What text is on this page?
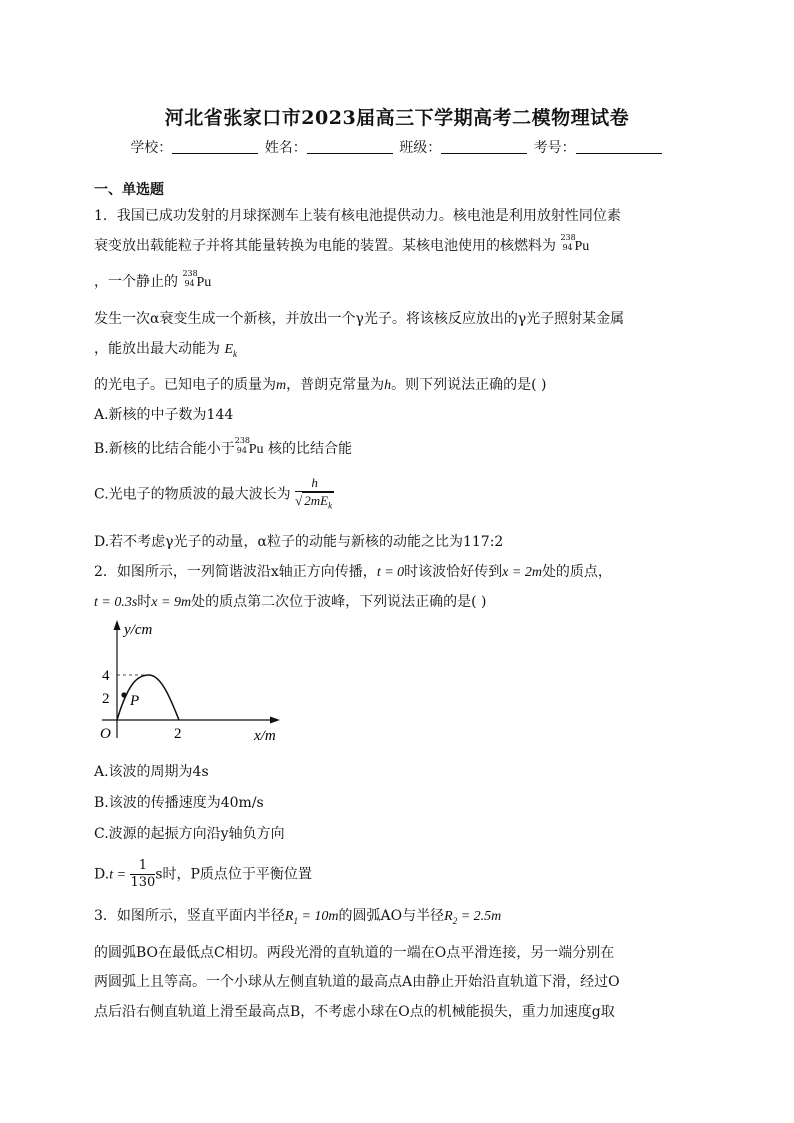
河北省张家口市2023届高三下学期高考二模物理试卷
学校：	姓名：	班级：	考号：
一、单选题
1．我国已成功发射的月球探测车上装有核电池提供动力。核电池是利用放射性同位素
衰变放出载能粒子并将其能量转换为电能的装置。某核电池使用的核燃料为
238
94 Pu
，一个静止的
238
94 Pu
发生一次α衰变生成一个新核，并放出一个γ光子。将该核反应放出的γ光子照射某金属
，能放出最大动能为 $E_k$
的光电子。已知电子的质量为m，普朗克常量为h。则下列说法正确的是( )
A.新核的中子数为144
B.新核的比结合能小于
238
94 Pu 核的比结合能
C.光电子的物质波的最大波长为 $\frac{h}{√ 2mE_k}$
D.若不考虑γ光子的动量，α粒子的动能与新核的动能之比为117:2
2．如图所示，一列简谐波沿x轴正方向传播，t = 0时该波恰好传到x = 2m处的质点，
t = 0.3s时x = 9m处的质点第二次位于波峰，下列说法正确的是( )
y/cm
x/m
O
4
2
2
P
A.该波的周期为4s
B.该波的传播速度为40m/s
C.波源的起振方向沿y轴负方向
$D.t = \frac{1}{130}$ s时，P质点位于平衡位置
3．如图所示，竖直平面内半径$R_1 = 10m$的圆弧AO与半径$R_2 = 2.5m$
的圆弧BO在最低点C相切。两段光滑的直轨道的一端在O点平滑连接，另一端分别在
两圆弧上且等高。一个小球从左侧直轨道的最高点A由静止开始沿直轨道下滑，经过O
点后沿右侧直轨道上滑至最高点B，不考虑小球在O点的机械能损失，重力加速度g取
